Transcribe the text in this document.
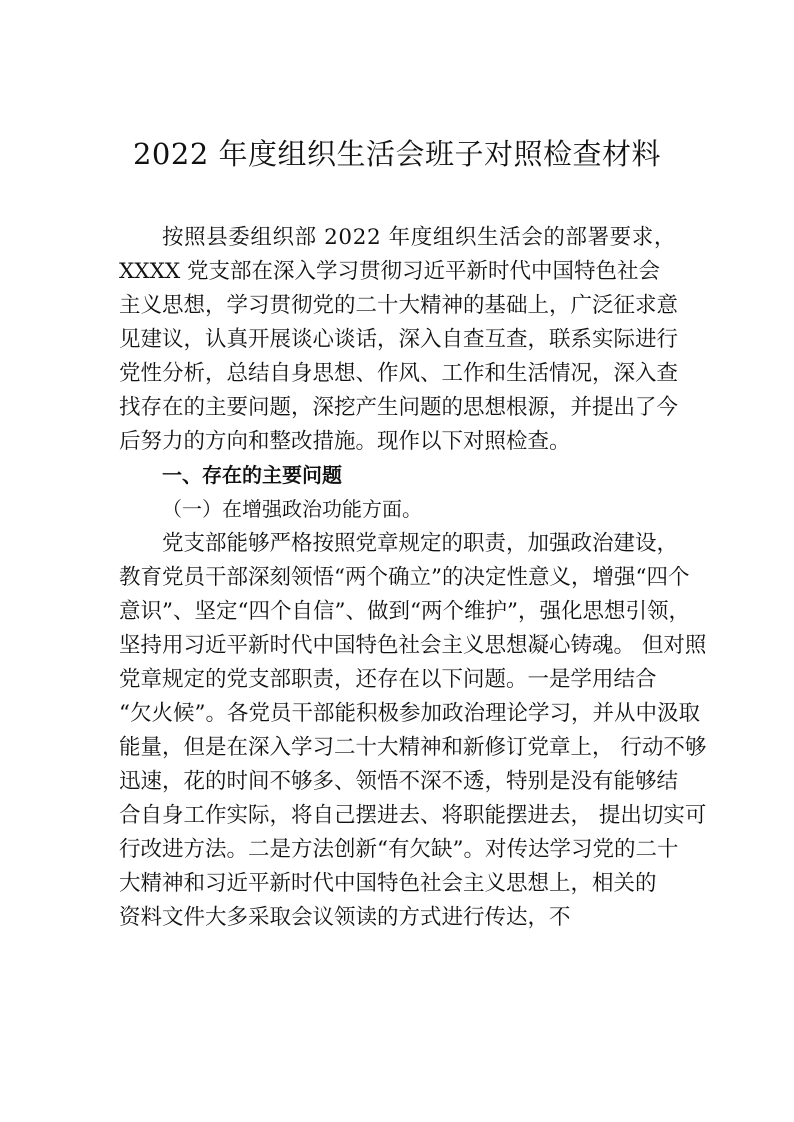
2022 年度组织生活会班子对照检查材料

按照县委组织部 2022 年度组织生活会的部署要求，

XXXX 党支部在深入学习贯彻习近平新时代中国特色社会

主义思想，学习贯彻党的二十大精神的基础上，广泛征求意

见建议，认真开展谈心谈话，深入自查互查，联系实际进行

党性分析，总结自身思想、作风、工作和生活情况，深入查

找存在的主要问题，深挖产生问题的思想根源，并提出了今

后努力的方向和整改措施。现作以下对照检查。

一、存在的主要问题

（一）在增强政治功能方面。

党支部能够严格按照党章规定的职责，加强政治建设，

教育党员干部深刻领悟“两个确立”的决定性意义，增强“四个

意识”、坚定“四个自信”、做到“两个维护”，强化思想引领，

坚持用习近平新时代中国特色社会主义思想凝心铸魂。 但对照

党章规定的党支部职责，还存在以下问题。一是学用结合

“欠火候”。各党员干部能积极参加政治理论学习，并从中汲取

能量，但是在深入学习二十大精神和新修订党章上， 行动不够

迅速，花的时间不够多、领悟不深不透，特别是没有能够结

合自身工作实际，将自己摆进去、将职能摆进去， 提出切实可

行改进方法。二是方法创新“有欠缺”。对传达学习党的二十

大精神和习近平新时代中国特色社会主义思想上，相关的

资料文件大多采取会议领读的方式进行传达，不
